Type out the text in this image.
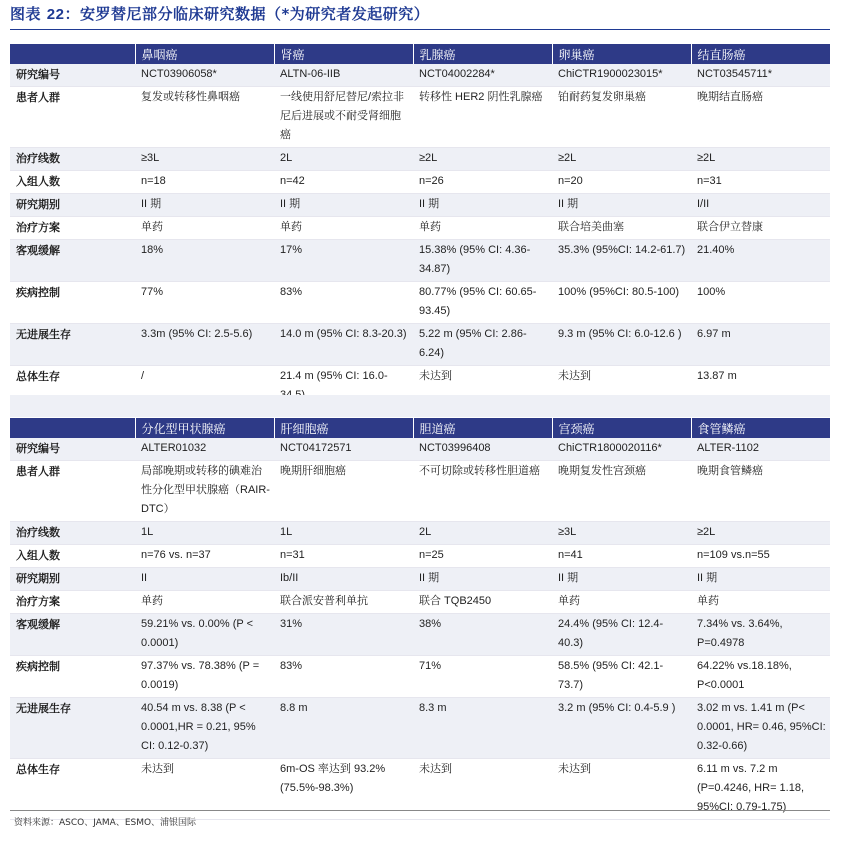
图表 22：安罗替尼部分临床研究数据（*为研究者发起研究）
	鼻咽癌	肾癌	乳腺癌	卵巢癌	结直肠癌
研究编号	NCT03906058*	ALTN-06-IIB	NCT04002284*	ChiCTR1900023015*	NCT03545711*
患者人群	复发或转移性鼻咽癌	一线使用舒尼替尼/索拉非尼后进展或不耐受肾细胞癌	转移性 HER2 阴性乳腺癌	铂耐药复发卵巢癌	晚期结直肠癌
治疗线数	≥3L	2L	≥2L	≥2L	≥2L
入组人数	n=18	n=42	n=26	n=20	n=31
研究期别	II 期	II 期	II 期	II 期	I/II
治疗方案	单药	单药	单药	联合培美曲塞	联合伊立替康
客观缓解	18%	17%	15.38% (95% CI: 4.36-34.87)	35.3% (95%CI: 14.2-61.7)	21.40%
疾病控制	77%	83%	80.77% (95% CI: 60.65-93.45)	100% (95%CI: 80.5-100)	100%
无进展生存	3.3m (95% CI: 2.5-5.6)	14.0 m (95% CI: 8.3-20.3)	5.22 m (95% CI: 2.86-6.24)	9.3 m (95% CI: 6.0-12.6 )	6.97 m
总体生存	/	21.4 m (95% CI: 16.0-	未达到	未达到	13.87 m
	分化型甲状腺癌	肝细胞癌	胆道癌	宫颈癌	食管鳞癌
研究编号	ALTER01032	NCT04172571	NCT03996408	ChiCTR1800020116*	ALTER-1102
患者人群	局部晚期或转移的碘难治性分化型甲状腺癌（RAIR-DTC）	晚期肝细胞癌	不可切除或转移性胆道癌	晚期复发性宫颈癌	晚期食管鳞癌
治疗线数	1L	1L	2L	≥3L	≥2L
入组人数	n=76 vs. n=37	n=31	n=25	n=41	n=109 vs.n=55
研究期别	II	Ib/II	II 期	II 期	II 期
治疗方案	单药	联合派安普利单抗	联合 TQB2450	单药	单药
客观缓解	59.21% vs. 0.00% (P < 0.0001)	31%	38%	24.4% (95% CI: 12.4-40.3)	7.34% vs. 3.64%, P=0.4978
疾病控制	97.37% vs. 78.38% (P = 0.0019)	83%	71%	58.5% (95% CI: 42.1-73.7)	64.22% vs.18.18%, P<0.0001
无进展生存	40.54 m vs. 8.38 (P < 0.0001,HR = 0.21, 95% CI: 0.12-0.37)	8.8 m	8.3 m	3.2 m (95% CI: 0.4-5.9 )	3.02 m vs. 1.41 m (P< 0.0001, HR= 0.46, 95%CI: 0.32-0.66)
总体生存	未达到	6m-OS 率达到 93.2% (75.5%-98.3%)	未达到	未达到	6.11 m vs. 7.2 m (P=0.4246, HR= 1.18, 95%CI: 0.79-1.75)
资料来源：ASCO、JAMA、ESMO、浦银国际
